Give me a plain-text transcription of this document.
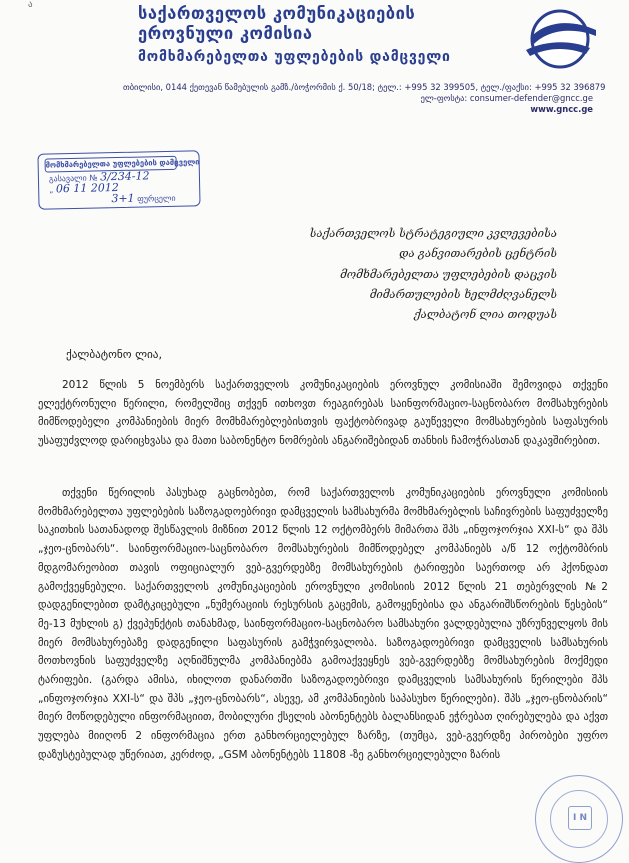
ა	საქართველოს კომუნიკაციების
ეროვნული კომისია
მომხმარებელთა უფლებების დამცველი
თბილისი, 0144 ქეთევან წამებულის გამზ./ბოჭორმის ქ. 50/18; ტელ.: +995 32 399505, ტელ./ფაქსი: +995 32 396879
ელ-ფოსტა: consumer-defender@gncc.ge
www.gncc.ge
მომხმარებელთა უფლებების დამცველი
გასავალი № 3/234-12
„ 06 11 2012
3+1 ფურცელი
საქართველოს სტრატეგიული კვლევებისა
და განვითარების ცენტრის
მომხმარებელთა უფლებების დაცვის
მიმართულების ხელმძღვანელს
ქალბატონ ლია თოდუას
ქალბატონო ლია,
2012 წლის 5 ნოემბერს საქართველოს კომუნიკაციების ეროვნულ კომისიაში შემოვიდა თქვენი ელექტრონული წერილი, რომელშიც თქვენ ითხოვთ რეაგირებას საინფორმაციო-საცნობარო მომსახურების მიმწოდებელი კომპანიების მიერ მომხმარებლებისთვის ფაქტობრივად გაუწეველი მომსახურების საფასურის უსაფუძვლოდ დარიცხვასა და მათი საბონენტო ნომრების ანგარიშებიდან თანხის ჩამოჭრასთან დაკავშირებით.
თქვენი წერილის პასუხად გაცნობებთ, რომ საქართველოს კომუნიკაციების ეროვნული კომისიის მომხმარებელთა უფლებების საზოგადოებრივი დამცველის სამსახურმა მომხმარებლის საჩივრების საფუძველზე საკითხის სათანადოდ შესწავლის მიზნით 2012 წლის 12 ოქტომბერს მიმართა შპს „ინფოჯორჯია XXI-ს“ და შპს „ჯეო-ცნობარს“. საინფორმაციო-საცნობარო მომსახურების მიმწოდებელ კომპანიებს ა/წ 12 ოქტომბრის მდგომარეობით თავის ოფიციალურ ვებ-გვერდებზე მომსახურების ტარიფები საერთოდ არ ჰქონდათ გამოქვეყნებული. საქართველოს კომუნიკაციების ეროვნული კომისიის 2012 წლის 21 თებერვლის №2 დადგენილებით დამტკიცებული „ნუმერაციის რესურსის გაცემის, გამოყენებისა და ანგარიშსწორების წესების“ მე-13 მუხლის გ) ქვეპუნქტის თანახმად, საინფორმაციო-საცნობარო სამსახური ვალდებულია უზრუნველყოს მის მიერ მომსახურებაზე დადგენილი საფასურის გამჭვირვალობა. საზოგადოებრივი დამცველის სამსახურის მოთხოვნის საფუძველზე აღნიშნულმა კომპანიებმა გამოაქვეყნეს ვებ-გვერდებზე მომსახურების მოქმედი ტარიფები. (გარდა ამისა, იხილოთ დანართში საზოგადოებრივი დამცველის სამსახურის წერილები შპს „ინფოჯორჯია XXI-ს“ და შპს „ჯეო-ცნობარს“, ასევე, ამ კომპანიების საპასუხო წერილები). შპს „ჯეო-ცნობარის“ მიერ მოწოდებული ინფორმაციით, მობილური ქსელის აბონენტებს ბალანსიდან ეჭრებათ ღირებულება და აქვთ უფლება მიიღონ 2 ინფორმაცია ერთ განხორციელებულ ზარზე, (თუმცა, ვებ-გვერდზე პირობები უფრო დაზუსტებულად უწერიათ, კერძოდ, „GSM აბონენტებს 11808 -ზე განხორციელებული ზარის
I N
